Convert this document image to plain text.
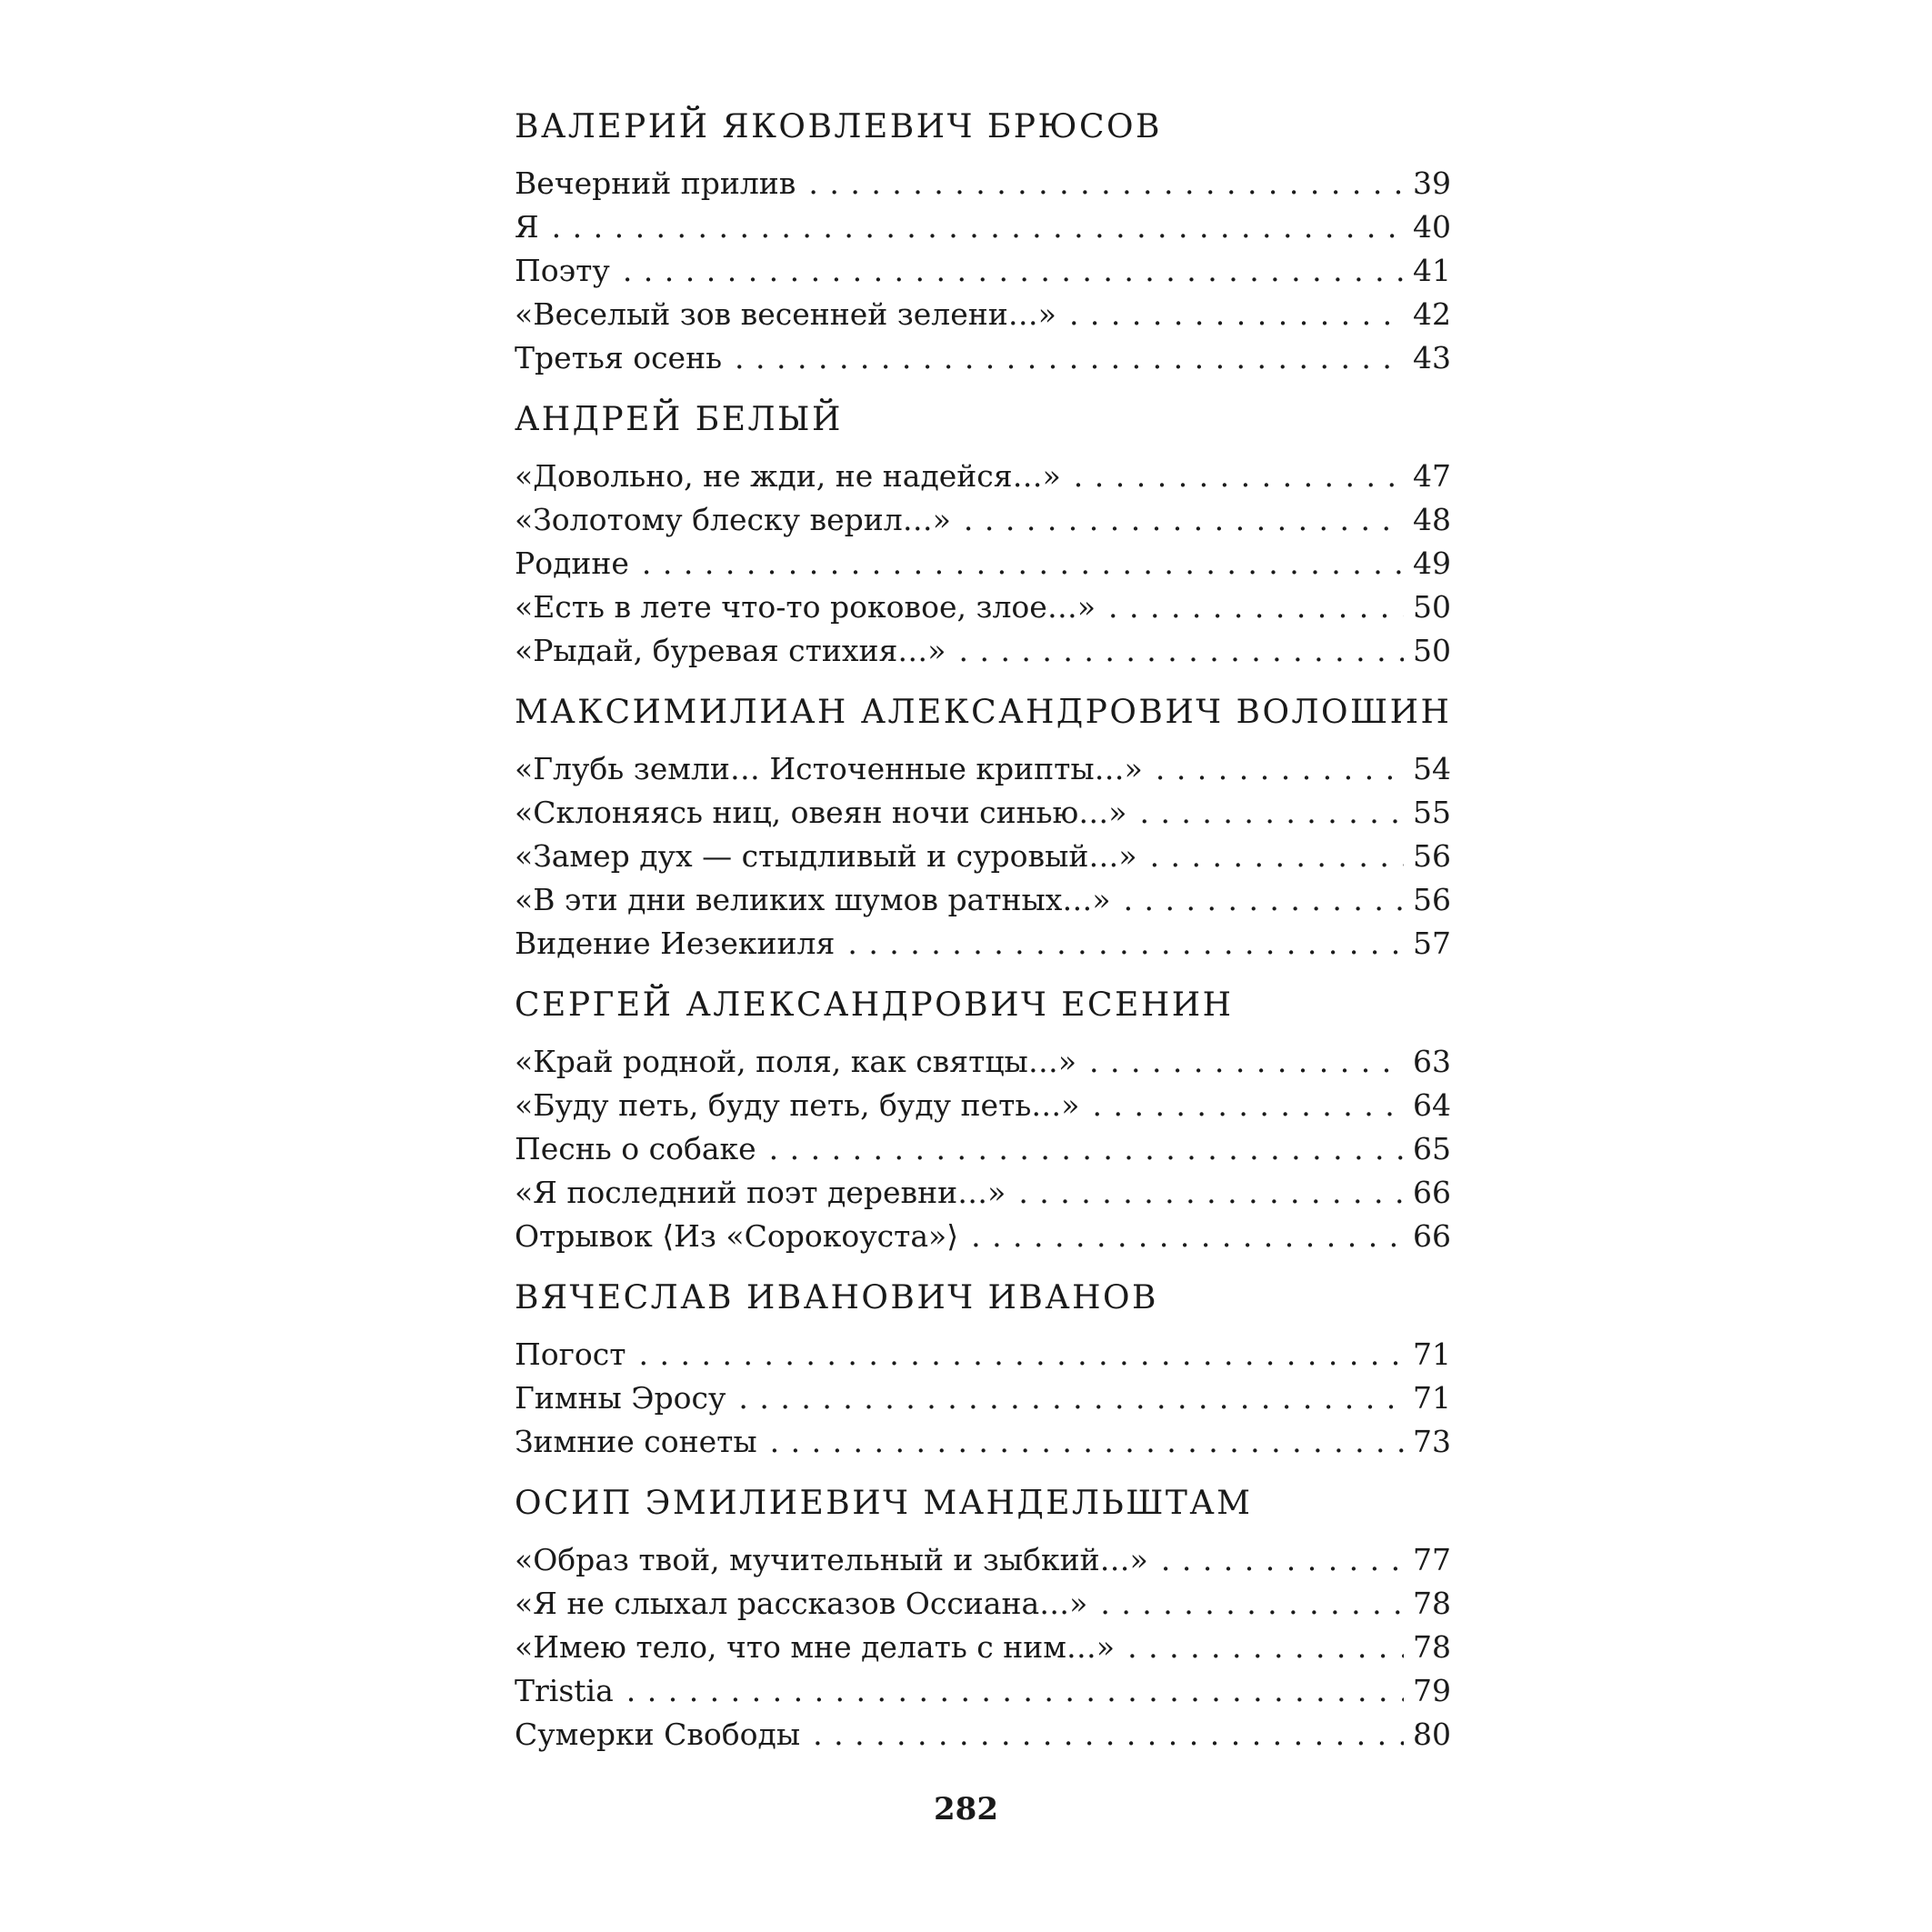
ВАЛЕРИЙ ЯКОВЛЕВИЧ БРЮСОВ
Вечерний прилив . . .	39
Я . . .	40
Поэту . . .	41
«Веселый зов весенней зелени…» . . .	42
Третья осень . . .	43
АНДРЕЙ БЕЛЫЙ
«Довольно, не жди, не надейся…» . . .	47
«Золотому блеску верил…» . . .	48
Родине . . .	49
«Есть в лете что-то роковое, злое…» . . .	50
«Рыдай, буревая стихия…» . . .	50
МАКСИМИЛИАН АЛЕКСАНДРОВИЧ ВОЛОШИН
«Глубь земли… Источенные крипты…» . . .	54
«Склоняясь ниц, овеян ночи синью…» . . .	55
«Замер дух — стыдливый и суровый…» . . .	56
«В эти дни великих шумов ратных…» . . .	56
Видение Иезекииля . . .	57
СЕРГЕЙ АЛЕКСАНДРОВИЧ ЕСЕНИН
«Край родной, поля, как святцы…» . . .	63
«Буду петь, буду петь, буду петь…» . . .	64
Песнь о собаке . . .	65
«Я последний поэт деревни…» . . .	66
Отрывок ⟨Из «Сорокоуста»⟩ . . .	66
ВЯЧЕСЛАВ ИВАНОВИЧ ИВАНОВ
Погост . . .	71
Гимны Эросу . . .	71
Зимние сонеты . . .	73
ОСИП ЭМИЛИЕВИЧ МАНДЕЛЬШТАМ
«Образ твой, мучительный и зыбкий…» . . .	77
«Я не слыхал рассказов Оссиана…» . . .	78
«Имею тело, что мне делать с ним…» . . .	78
Tristia . . .	79
Сумерки Свободы . . .	80
282
